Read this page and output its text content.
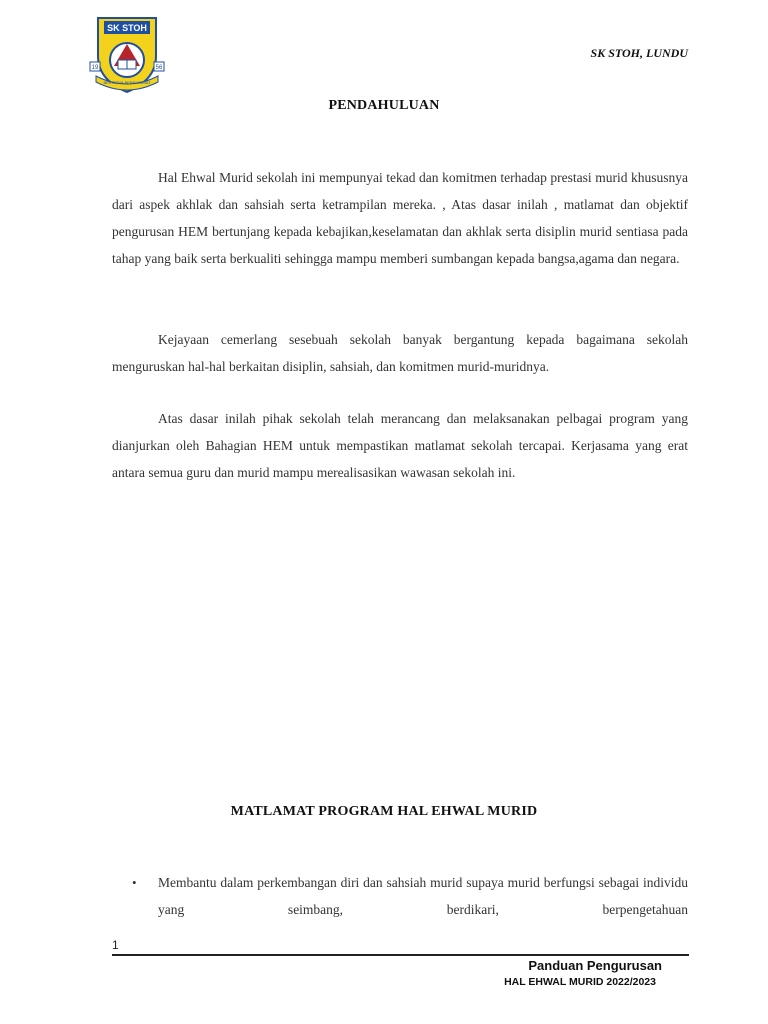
SK STOH
19	56
BERSEDIA BERKHIDMAT
SK STOH, LUNDU
PENDAHULUAN

Hal Ehwal Murid sekolah ini mempunyai tekad dan komitmen terhadap prestasi murid khususnya dari aspek akhlak dan sahsiah serta ketrampilan mereka. , Atas dasar inilah , matlamat dan objektif pengurusan HEM bertunjang kepada kebajikan,keselamatan dan akhlak serta disiplin murid sentiasa pada tahap yang baik serta berkualiti sehingga mampu memberi sumbangan kepada bangsa,agama dan negara.

Kejayaan cemerlang sesebuah sekolah banyak bergantung kepada bagaimana sekolah menguruskan hal-hal berkaitan disiplin, sahsiah, dan komitmen murid-muridnya.

Atas dasar inilah pihak sekolah telah merancang dan melaksanakan pelbagai program yang dianjurkan oleh Bahagian HEM untuk mempastikan matlamat sekolah tercapai. Kerjasama yang erat antara semua guru dan murid mampu merealisasikan wawasan sekolah ini.

MATLAMAT PROGRAM HAL EHWAL MURID
• Membantu dalam perkembangan diri dan sahsiah murid supaya murid berfungsi sebagai individu yang seimbang, berdikari, berpengetahuan
1
Panduan Pengurusan
HAL EHWAL MURID 2022/2023
